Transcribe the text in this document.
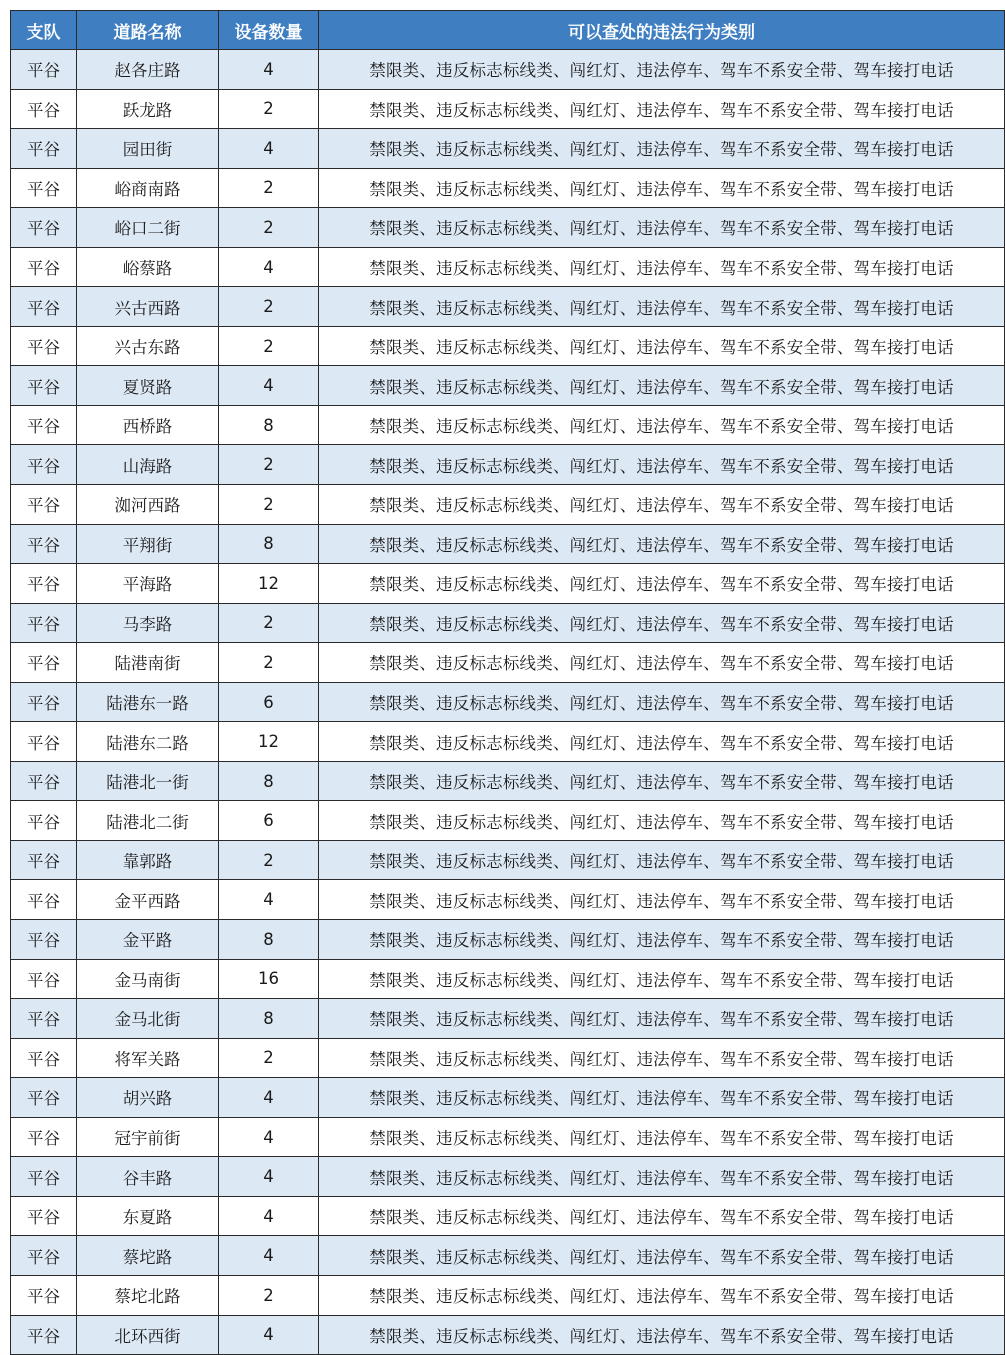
支队	道路名称	设备数量	可以查处的违法行为类别
平谷	赵各庄路	4	禁限类、违反标志标线类、闯红灯、违法停车、驾车不系安全带、驾车接打电话
平谷	跃龙路	2	禁限类、违反标志标线类、闯红灯、违法停车、驾车不系安全带、驾车接打电话
平谷	园田街	4	禁限类、违反标志标线类、闯红灯、违法停车、驾车不系安全带、驾车接打电话
平谷	峪商南路	2	禁限类、违反标志标线类、闯红灯、违法停车、驾车不系安全带、驾车接打电话
平谷	峪口二街	2	禁限类、违反标志标线类、闯红灯、违法停车、驾车不系安全带、驾车接打电话
平谷	峪蔡路	4	禁限类、违反标志标线类、闯红灯、违法停车、驾车不系安全带、驾车接打电话
平谷	兴古西路	2	禁限类、违反标志标线类、闯红灯、违法停车、驾车不系安全带、驾车接打电话
平谷	兴古东路	2	禁限类、违反标志标线类、闯红灯、违法停车、驾车不系安全带、驾车接打电话
平谷	夏贤路	4	禁限类、违反标志标线类、闯红灯、违法停车、驾车不系安全带、驾车接打电话
平谷	西桥路	8	禁限类、违反标志标线类、闯红灯、违法停车、驾车不系安全带、驾车接打电话
平谷	山海路	2	禁限类、违反标志标线类、闯红灯、违法停车、驾车不系安全带、驾车接打电话
平谷	洳河西路	2	禁限类、违反标志标线类、闯红灯、违法停车、驾车不系安全带、驾车接打电话
平谷	平翔街	8	禁限类、违反标志标线类、闯红灯、违法停车、驾车不系安全带、驾车接打电话
平谷	平海路	12	禁限类、违反标志标线类、闯红灯、违法停车、驾车不系安全带、驾车接打电话
平谷	马李路	2	禁限类、违反标志标线类、闯红灯、违法停车、驾车不系安全带、驾车接打电话
平谷	陆港南街	2	禁限类、违反标志标线类、闯红灯、违法停车、驾车不系安全带、驾车接打电话
平谷	陆港东一路	6	禁限类、违反标志标线类、闯红灯、违法停车、驾车不系安全带、驾车接打电话
平谷	陆港东二路	12	禁限类、违反标志标线类、闯红灯、违法停车、驾车不系安全带、驾车接打电话
平谷	陆港北一街	8	禁限类、违反标志标线类、闯红灯、违法停车、驾车不系安全带、驾车接打电话
平谷	陆港北二街	6	禁限类、违反标志标线类、闯红灯、违法停车、驾车不系安全带、驾车接打电话
平谷	靠郭路	2	禁限类、违反标志标线类、闯红灯、违法停车、驾车不系安全带、驾车接打电话
平谷	金平西路	4	禁限类、违反标志标线类、闯红灯、违法停车、驾车不系安全带、驾车接打电话
平谷	金平路	8	禁限类、违反标志标线类、闯红灯、违法停车、驾车不系安全带、驾车接打电话
平谷	金马南街	16	禁限类、违反标志标线类、闯红灯、违法停车、驾车不系安全带、驾车接打电话
平谷	金马北街	8	禁限类、违反标志标线类、闯红灯、违法停车、驾车不系安全带、驾车接打电话
平谷	将军关路	2	禁限类、违反标志标线类、闯红灯、违法停车、驾车不系安全带、驾车接打电话
平谷	胡兴路	4	禁限类、违反标志标线类、闯红灯、违法停车、驾车不系安全带、驾车接打电话
平谷	冠宇前街	4	禁限类、违反标志标线类、闯红灯、违法停车、驾车不系安全带、驾车接打电话
平谷	谷丰路	4	禁限类、违反标志标线类、闯红灯、违法停车、驾车不系安全带、驾车接打电话
平谷	东夏路	4	禁限类、违反标志标线类、闯红灯、违法停车、驾车不系安全带、驾车接打电话
平谷	蔡坨路	4	禁限类、违反标志标线类、闯红灯、违法停车、驾车不系安全带、驾车接打电话
平谷	蔡坨北路	2	禁限类、违反标志标线类、闯红灯、违法停车、驾车不系安全带、驾车接打电话
平谷	北环西街	4	禁限类、违反标志标线类、闯红灯、违法停车、驾车不系安全带、驾车接打电话
